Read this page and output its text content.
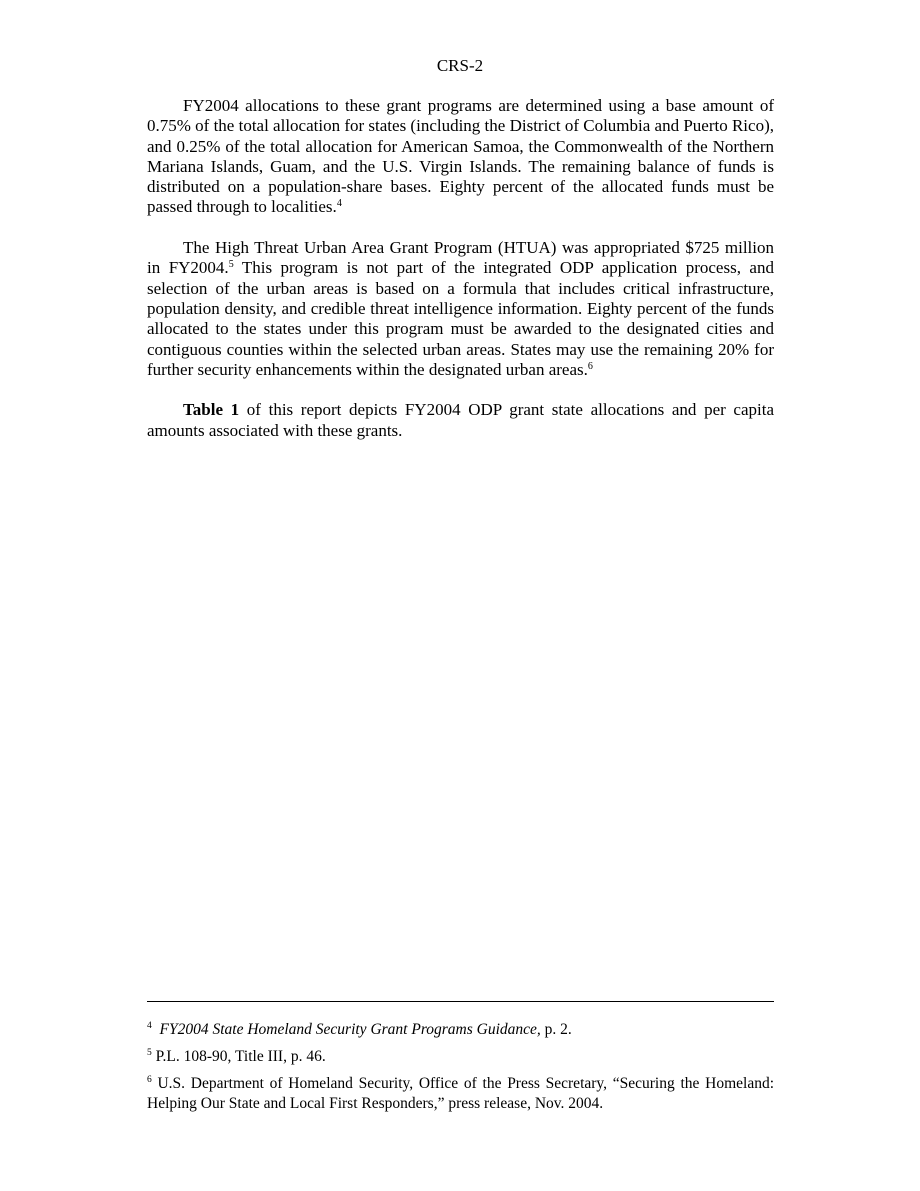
CRS-2

FY2004 allocations to these grant programs are determined using a base amount of 0.75% of the total allocation for states (including the District of Columbia and Puerto Rico), and 0.25% of the total allocation for American Samoa, the Commonwealth of the Northern Mariana Islands, Guam, and the U.S. Virgin Islands. The remaining balance of funds is distributed on a population-share bases. Eighty percent of the allocated funds must be passed through to localities.$^4$

The High Threat Urban Area Grant Program (HTUA) was appropriated $725 million in FY2004.$^5$ This program is not part of the integrated ODP application process, and selection of the urban areas is based on a formula that includes critical infrastructure, population density, and credible threat intelligence information. Eighty percent of the funds allocated to the states under this program must be awarded to the designated cities and contiguous counties within the selected urban areas. States may use the remaining 20% for further security enhancements within the designated urban areas.$^6$

Table 1 of this report depicts FY2004 ODP grant state allocations and per capita amounts associated with these grants.

$^4$ FY2004 State Homeland Security Grant Programs Guidance, p. 2.

$^5$ P.L. 108-90, Title III, p. 46.

$^6$ U.S. Department of Homeland Security, Office of the Press Secretary, “Securing the Homeland: Helping Our State and Local First Responders,” press release, Nov. 2004.
